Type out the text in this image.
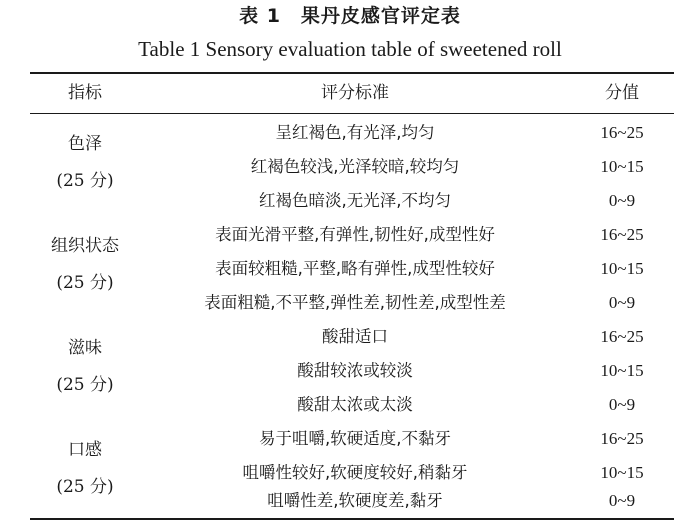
表 1　果丹皮感官评定表
Table 1 Sensory evaluation table of sweetened roll
指标	评分标准	分值
色泽
(25 分)
呈红褐色,有光泽,均匀	16~25
红褐色较浅,光泽较暗,较均匀	10~15
红褐色暗淡,无光泽,不均匀	0~9
组织状态
(25 分)
表面光滑平整,有弹性,韧性好,成型性好	16~25
表面较粗糙,平整,略有弹性,成型性较好	10~15
表面粗糙,不平整,弹性差,韧性差,成型性差	0~9
滋味
(25 分)
酸甜适口	16~25
酸甜较浓或较淡	10~15
酸甜太浓或太淡	0~9
口感
(25 分)
易于咀嚼,软硬适度,不黏牙	16~25
咀嚼性较好,软硬度较好,稍黏牙	10~15
咀嚼性差,软硬度差,黏牙	0~9
